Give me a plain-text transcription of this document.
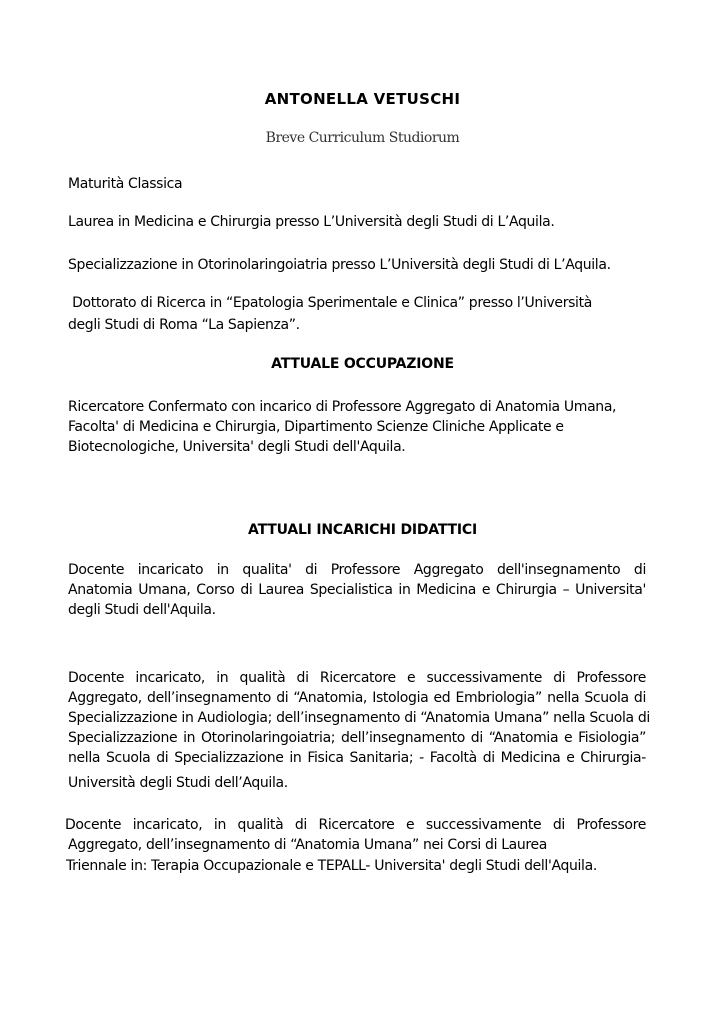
ANTONELLA VETUSCHI
Breve Curriculum Studiorum
Maturità Classica
Laurea in Medicina e Chirurgia presso L’Università degli Studi di L’Aquila.
Specializzazione in Otorinolaringoiatria presso L’Università degli Studi di L’Aquila.
Dottorato di Ricerca in “Epatologia Sperimentale e Clinica” presso l’Università
degli Studi di Roma “La Sapienza”.
ATTUALE OCCUPAZIONE
Ricercatore Confermato con incarico di Professore Aggregato di Anatomia Umana,
Facolta' di Medicina e Chirurgia, Dipartimento Scienze Cliniche Applicate e
Biotecnologiche, Universita' degli Studi dell'Aquila.
ATTUALI INCARICHI DIDATTICI
Docente incaricato in qualita' di Professore Aggregato dell'insegnamento di
Anatomia Umana, Corso di Laurea Specialistica in Medicina e Chirurgia – Universita'
degli Studi dell'Aquila.
Docente incaricato, in qualità di Ricercatore e successivamente di Professore
Aggregato, dell’insegnamento di “Anatomia, Istologia ed Embriologia” nella Scuola di
Specializzazione in Audiologia; dell’insegnamento di “Anatomia Umana” nella Scuola di
Specializzazione in Otorinolaringoiatria; dell’insegnamento di “Anatomia e Fisiologia”
nella Scuola di Specializzazione in Fisica Sanitaria; - Facoltà di Medicina e Chirurgia-
Università degli Studi dell’Aquila.
Docente incaricato, in qualità di Ricercatore e successivamente di Professore
Aggregato, dell’insegnamento di “Anatomia Umana” nei Corsi di Laurea
Triennale in: Terapia Occupazionale e TEPALL- Universita' degli Studi dell'Aquila.
